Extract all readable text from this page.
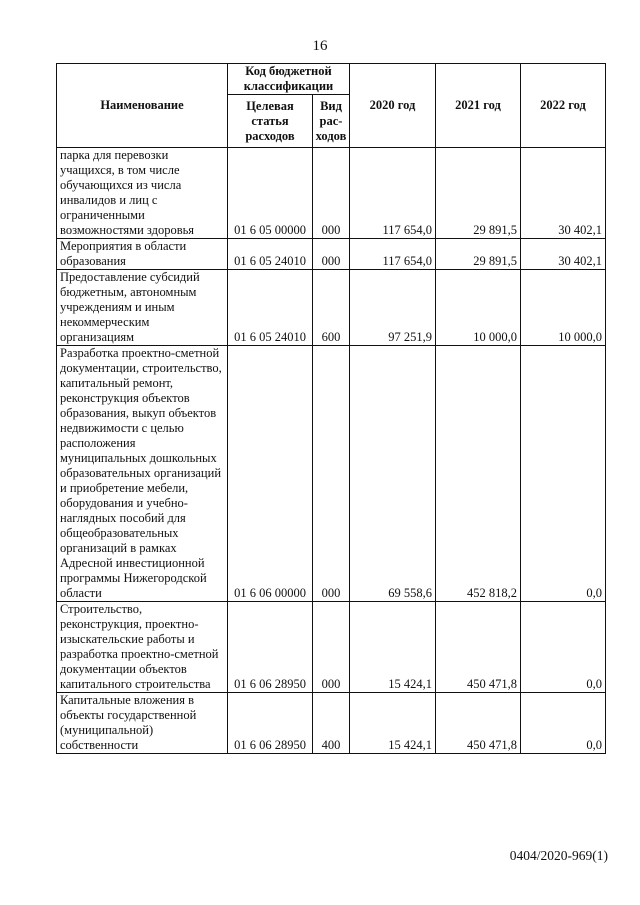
16
Наименование	Код бюджетной классификации		2020 год	2021 год	2022 год
	Целевая статья расходов	Вид рас-ходов			
парка для перевозки учащихся, в том числе обучающихся из числа инвалидов и лиц с ограниченными возможностями здоровья	01 6 05 00000	000	117 654,0	29 891,5	30 402,1
Мероприятия в области образования	01 6 05 24010	000	117 654,0	29 891,5	30 402,1
Предоставление субсидий бюджетным, автономным учреждениям и иным некоммерческим организациям	01 6 05 24010	600	97 251,9	10 000,0	10 000,0
Разработка проектно-сметной документации, строительство, капитальный ремонт, реконструкция объектов образования, выкуп объектов недвижимости с целью расположения муниципальных дошкольных образовательных организаций и приобретение мебели, оборудования и учебно-наглядных пособий для общеобразовательных организаций в рамках Адресной инвестиционной программы Нижегородской области	01 6 06 00000	000	69 558,6	452 818,2	0,0
Строительство, реконструкция, проектно-изыскательские работы и разработка проектно-сметной документации объектов капитального строительства	01 6 06 28950	000	15 424,1	450 471,8	0,0
Капитальные вложения в объекты государственной (муниципальной) собственности	01 6 06 28950	400	15 424,1	450 471,8	0,0
0404/2020-969(1)
